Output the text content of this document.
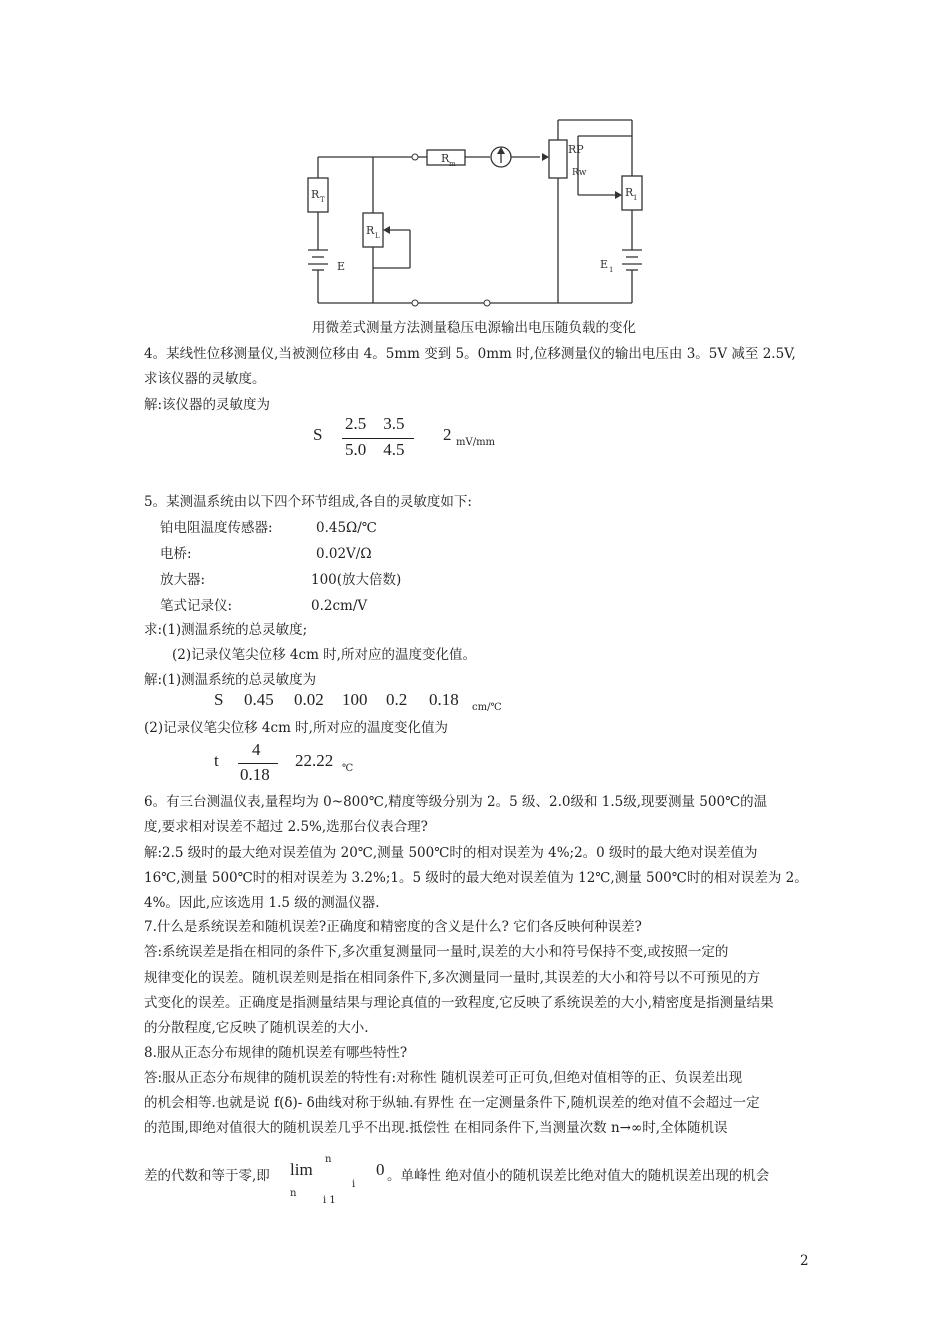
R T
R L
R m
RP
Rw
R 1
E	E 1
用微差式测量方法测量稳压电源输出电压随负载的变化
4。某线性位移测量仪,当被测位移由 4。5mm 变到 5。0mm 时,位移测量仪的输出电压由 3。5V 减至 2.5V,
求该仪器的灵敏度。
解:该仪器的灵敏度为
S
2.5    3.5
5.0    4.5
2 mV/mm
5。某测温系统由以下四个环节组成,各自的灵敏度如下:
铂电阻温度传感器:	0.45Ω/℃
电桥:	0.02V/Ω
放大器:	100(放大倍数)
笔式记录仪:	0.2cm/V
求:(1)测温系统的总灵敏度;
(2)记录仪笔尖位移 4cm 时,所对应的温度变化值。
解:(1)测温系统的总灵敏度为
S 0.45 0.02 100 0.2 0.18 cm/℃
(2)记录仪笔尖位移 4cm 时,所对应的温度变化值为
t
4
0.18
22.22 ℃
6。有三台测温仪表,量程均为 0~800℃,精度等级分别为 2。5 级、2.0级和 1.5级,现要测量 500℃的温
度,要求相对误差不超过 2.5%,选那台仪表合理?
解:2.5 级时的最大绝对误差值为 20℃,测量 500℃时的相对误差为 4%;2。0 级时的最大绝对误差值为
16℃,测量 500℃时的相对误差为 3.2%;1。5 级时的最大绝对误差值为 12℃,测量 500℃时的相对误差为 2。
4%。因此,应该选用 1.5 级的测温仪器.
7.什么是系统误差和随机误差?正确度和精密度的含义是什么? 它们各反映何种误差?
答:系统误差是指在相同的条件下,多次重复测量同一量时,误差的大小和符号保持不变,或按照一定的
规律变化的误差。随机误差则是指在相同条件下,多次测量同一量时,其误差的大小和符号以不可预见的方
式变化的误差。正确度是指测量结果与理论真值的一致程度,它反映了系统误差的大小,精密度是指测量结果
的分散程度,它反映了随机误差的大小.
8.服从正态分布规律的随机误差有哪些特性?
答:服从正态分布规律的随机误差的特性有:对称性 随机误差可正可负,但绝对值相等的正、负误差出现
的机会相等.也就是说 f(δ)- δ曲线对称于纵轴.有界性 在一定测量条件下,随机误差的绝对值不会超过一定
的范围,即绝对值很大的随机误差几乎不出现.抵偿性 在相同条件下,当测量次数 n→∞时,全体随机误
差的代数和等于零,即
n
lim
n
i 1
i
0 。单峰性 绝对值小的随机误差比绝对值大的随机误差出现的机会
2
